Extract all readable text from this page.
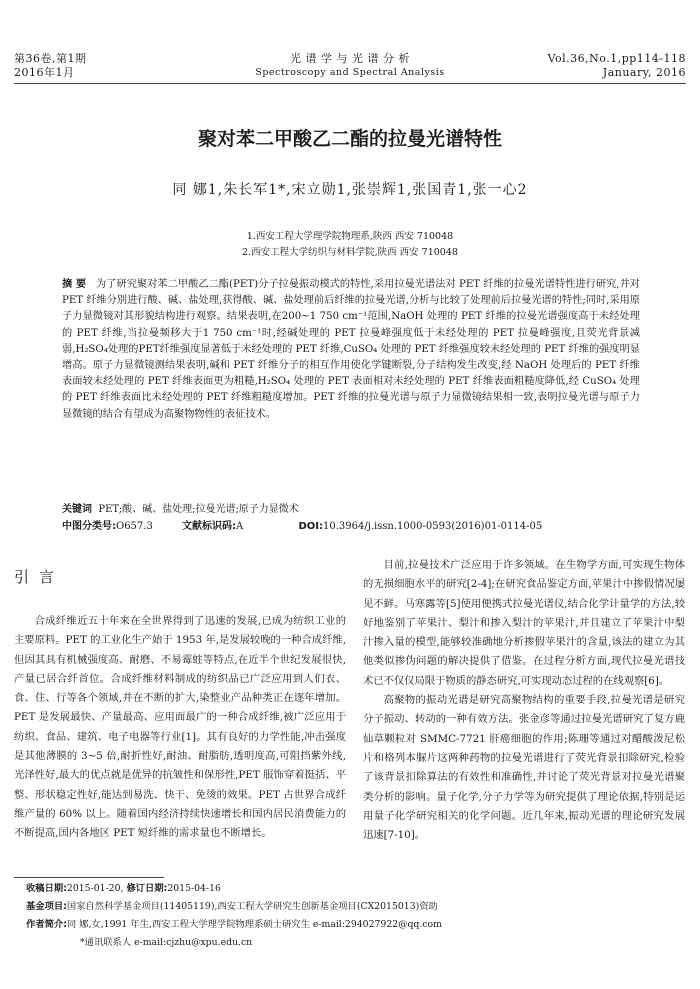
第36卷,第1期
2016年1月
光 谱 学 与 光 谱 分 析
Spectroscopy and Spectral Analysis
Vol.36,No.1,pp114-118
January, 2016
聚对苯二甲酸乙二酯的拉曼光谱特性
同 娜1,朱长军1*,宋立勋1,张崇辉1,张国青1,张一心2
1.西安工程大学理学院物理系,陕西 西安 710048
2.西安工程大学纺织与材料学院,陕西 西安 710048
摘 要 为了研究聚对苯二甲酸乙二酯(PET)分子拉曼振动模式的特性,采用拉曼光谱法对 PET 纤维的拉曼光谱特性进行研究,并对 PET 纤维分别进行酸、碱、盐处理,获得酸、碱、盐处理前后纤维的拉曼光谱,分析与比较了处理前后拉曼光谱的特性;同时,采用原子力显微镜对其形貌结构进行观察。结果表明,在200~1 750 cm⁻¹范围,NaOH 处理的 PET 纤维的拉曼光谱强度高于未经处理的 PET 纤维,当拉曼频移大于1 750 cm⁻¹时,经碱处理的 PET 拉曼峰强度低于未经处理的 PET 拉曼峰强度,且荧光背景减弱,H₂SO₄处理的PET纤维强度显著低于未经处理的 PET 纤维,CuSO₄ 处理的 PET 纤维强度较未经处理的 PET 纤维的强度明显增高。原子力显微镜测结果表明,碱和 PET 纤维分子的相互作用使化学键断裂,分子结构发生改变,经 NaOH 处理后的 PET 纤维表面较未经处理的 PET 纤维表面更为粗糙,H₂SO₄ 处理的 PET 表面相对未经处理的 PET 纤维表面粗糙度降低,经 CuSO₄ 处理的 PET 纤维表面比未经处理的 PET 纤维粗糙度增加。PET 纤维的拉曼光谱与原子力显微镜结果相一致,表明拉曼光谱与原子力显微镜的结合有望成为高聚物物性的表征技术。
关键词 PET;酸、碱、盐处理;拉曼光谱;原子力显微术
中图分类号:O657.3	文献标识码:A	DOI:10.3964/j.issn.1000-0593(2016)01-0114-05
引言

合成纤维近五十年来在全世界得到了迅速的发展,已成为纺织工业的主要原料。PET 的工业化生产始于 1953 年,是发展较晚的一种合成纤维,但因其具有机械强度高、耐磨、不易霉蛀等特点,在近半个世纪发展很快,产量已居合纤首位。合成纤维材料制成的纺织品已广泛应用到人们衣、食、住、行等各个领域,并在不断的扩大,染整业产品种类正在逐年增加。PET 是发展最快、产量最高、应用面最广的一种合成纤维,被广泛应用于纺织、食品、建筑、电子电器等行业[1]。其有良好的力学性能,冲击强度是其他薄膜的 3~5 倍,耐折性好,耐油、耐脂肪,透明度高,可阻挡紫外线,光泽性好,最大的优点就是优异的抗皱性和保形性,PET 服饰穿着挺括、平整、形状稳定性好,能达到易洗、快干、免烫的效果。PET 占世界合成纤维产量的 60% 以上。随着国内经济持续快速增长和国内居民消费能力的不断提高,国内各地区 PET 短纤维的需求量也不断增长。

目前,拉曼技术广泛应用于许多领域。在生物学方面,可实现生物体的无损细胞水平的研究[2-4];在研究食品鉴定方面,苹果汁中掺假情况屡见不鲜。马寒露等[5]使用便携式拉曼光谱仪,结合化学计量学的方法,较好地鉴别了苹果汁、梨汁和掺入梨汁的苹果汁,并且建立了苹果汁中梨汁掺入量的模型,能够较准确地分析掺假苹果汁的含量,该法的建立为其他类似掺伪问题的解决提供了借鉴。在过程分析方面,现代拉曼光谱技术已不仅仅局限于物质的静态研究,可实现动态过程的在线观察[6]。

高聚物的振动光谱是研究高聚物结构的重要手段,拉曼光谱是研究分子振动、转动的一种有效方法。张金彦等通过拉曼光谱研究了复方鹿仙草颗粒对 SMMC-7721 肝癌细胞的作用;陈珊等通过对醋酸泼尼松片和格列本脲片这两种药物的拉曼光谱进行了荧光背景扣除研究,检验了该背景扣除算法的有效性和准确性,并讨论了荧光背景对拉曼光谱聚类分析的影响。量子化学,分子力学等为研究提供了理论依据,特别是运用量子化学研究相关的化学问题。近几年来,振动光谱的理论研究发展迅速[7-10]。

收稿日期:2015-01-20, 修订日期:2015-04-16
基金项目:国家自然科学基金项目(11405119),西安工程大学研究生创新基金项目(CX2015013)资助
作者简介:同 娜,女,1991 年生,西安工程大学理学院物理系硕士研究生 e-mail:294027922@qq.com
*通讯联系人 e-mail:cjzhu@xpu.edu.cn
